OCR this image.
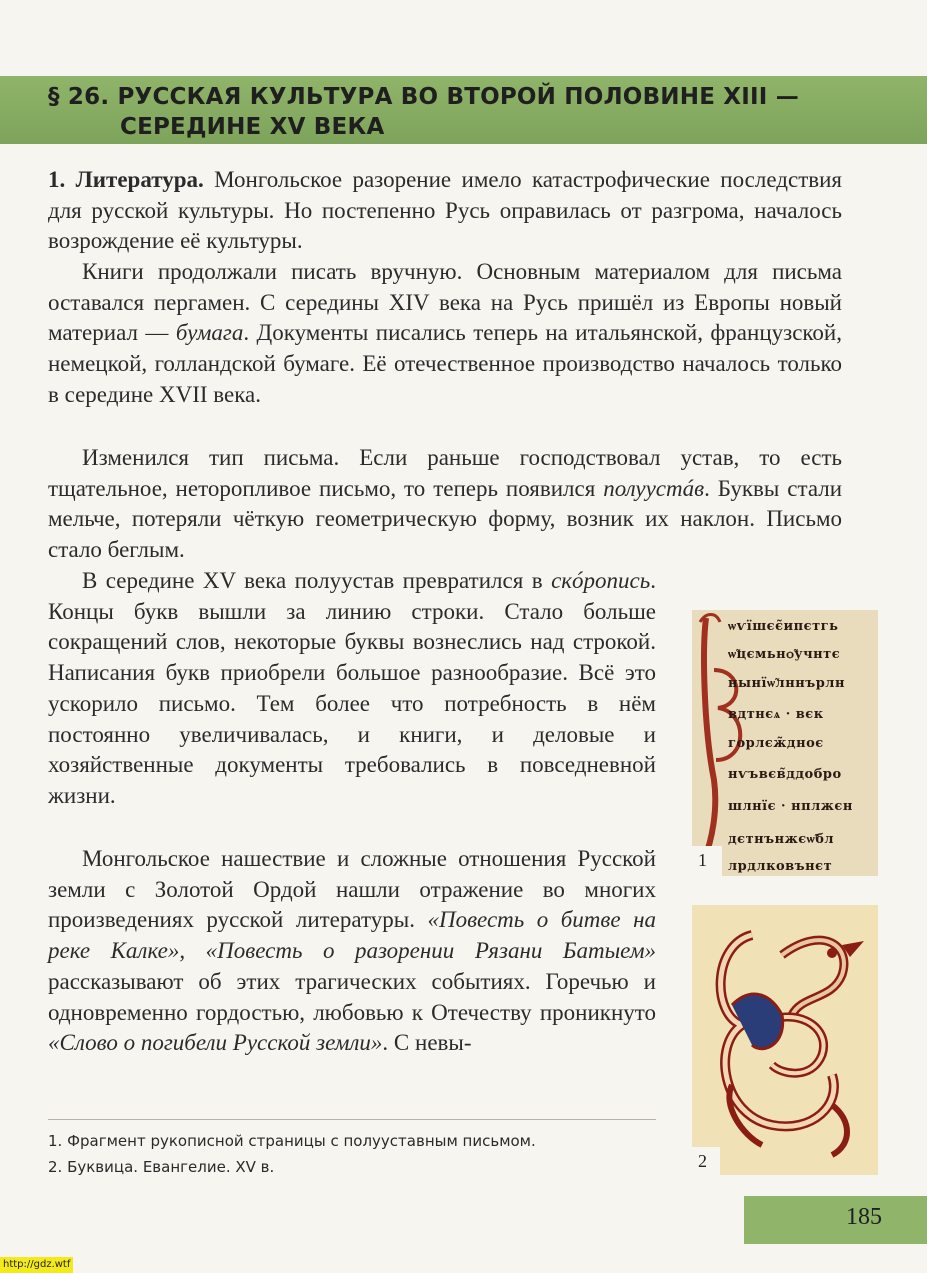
§ 26. РУССКАЯ КУЛЬТУРА ВО ВТОРОЙ ПОЛОВИНЕ XIII —
СЕРЕДИНЕ XV ВЕКА

1. Литература. Монгольское разорение имело катастрофические последствия для русской культуры. Но постепенно Русь оправилась от разгрома, началось возрождение её культуры.

Книги продолжали писать вручную. Основным материалом для письма оставался пергамен. С середины XIV века на Русь пришёл из Европы новый материал — бумага. Документы писались теперь на итальянской, французской, немецкой, голландской бумаге. Её отечественное производство началось только в середине XVII века.

Изменился тип письма. Если раньше господствовал устав, то есть тщательное, неторопливое письмо, то теперь появился полуустáв. Буквы стали мельче, потеряли чёткую геометрическую форму, возник их наклон. Письмо стало беглым.

В середине XV века полуустав превратился в скóропись. Концы букв вышли за линию строки. Стало больше сокращений слов, некоторые буквы вознеслись над строкой. Написания букв приобрели большое разнообразие. Всё это ускорило письмо. Тем более что потребность в нём постоянно увеличивалась, и книги, и деловые и хозяйственные документы требовались в повседневной жизни.

Монгольское нашествие и сложные отношения Русской земли с Золотой Ордой нашли отражение во многих произведениях русской литературы. «Повесть о битве на реке Калке», «Повесть о разорении Рязани Батыем» рассказывают об этих трагических событиях. Горечью и одновременно гордостью, любовью к Отечеству проникнуто «Слово о погибели Русской земли». С невы-

ѡѵїшєє̃ипєтгь
ѡ̃цємьнѻ̃учнтє
нынїѡ̃лннърлн
вдтнєѧ · вєк
горлєж̃дноє
нѵъвєв̃ддобро
шлнїє · нплжєн
дєтнънжєѡ̃бл
лрдлковънєт
1
2
1. Фрагмент рукописной страницы с полууставным письмом.
2. Буквица. Евангелие. XV в.
185
http://gdz.wtf
